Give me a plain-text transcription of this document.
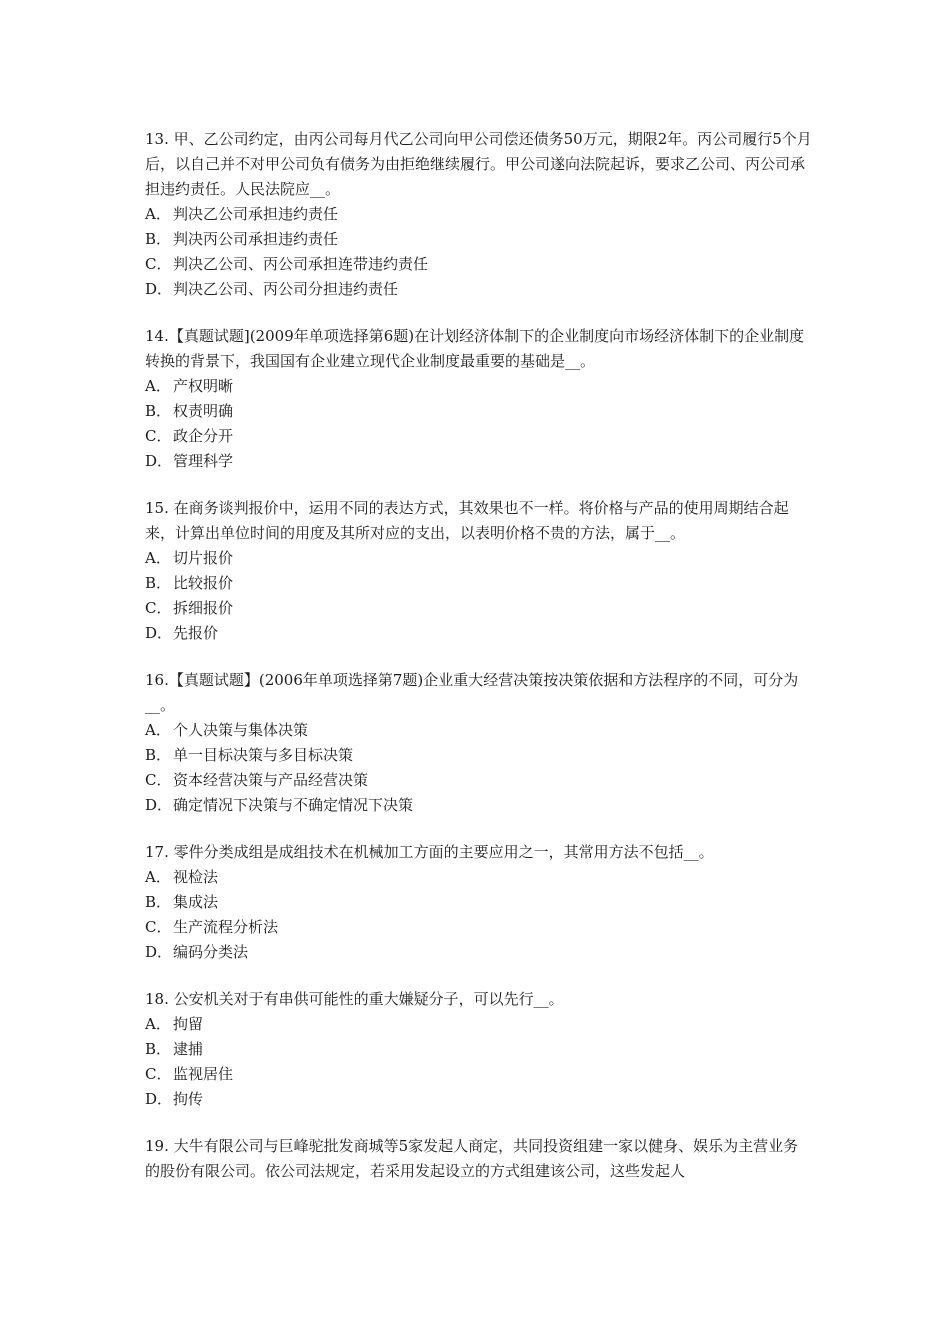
13. 甲、乙公司约定，由丙公司每月代乙公司向甲公司偿还债务50万元，期限2年。丙公司履行5个月后，以自己并不对甲公司负有债务为由拒绝继续履行。甲公司遂向法院起诉，要求乙公司、丙公司承担违约责任。人民法院应__。

A． 判决乙公司承担违约责任
B． 判决丙公司承担违约责任
C． 判决乙公司、丙公司承担连带违约责任
D．判决乙公司、丙公司分担违约责任

14.【真题试题](2009年单项选择第6题)在计划经济体制下的企业制度向市场经济体制下的企业制度转换的背景下，我国国有企业建立现代企业制度最重要的基础是__。

A． 产权明晰
B． 权责明确
C． 政企分开
D．管理科学

15. 在商务谈判报价中，运用不同的表达方式，其效果也不一样。将价格与产品的使用周期结合起来，计算出单位时间的用度及其所对应的支出，以表明价格不贵的方法，属于__。

A． 切片报价
B． 比较报价
C． 拆细报价
D．先报价

16.【真题试题】(2006年单项选择第7题)企业重大经营决策按决策依据和方法程序的不同，可分为__。

A． 个人决策与集体决策
B． 单一目标决策与多目标决策
C． 资本经营决策与产品经营决策
D．确定情况下决策与不确定情况下决策

17. 零件分类成组是成组技术在机械加工方面的主要应用之一，其常用方法不包括__。

A． 视检法
B． 集成法
C． 生产流程分析法
D．编码分类法

18. 公安机关对于有串供可能性的重大嫌疑分子，可以先行__。

A． 拘留
B． 逮捕
C． 监视居住
D．拘传

19. 大牛有限公司与巨峰驼批发商城等5家发起人商定，共同投资组建一家以健身、娱乐为主营业务的股份有限公司。依公司法规定，若采用发起设立的方式组建该公司，这些发起人
